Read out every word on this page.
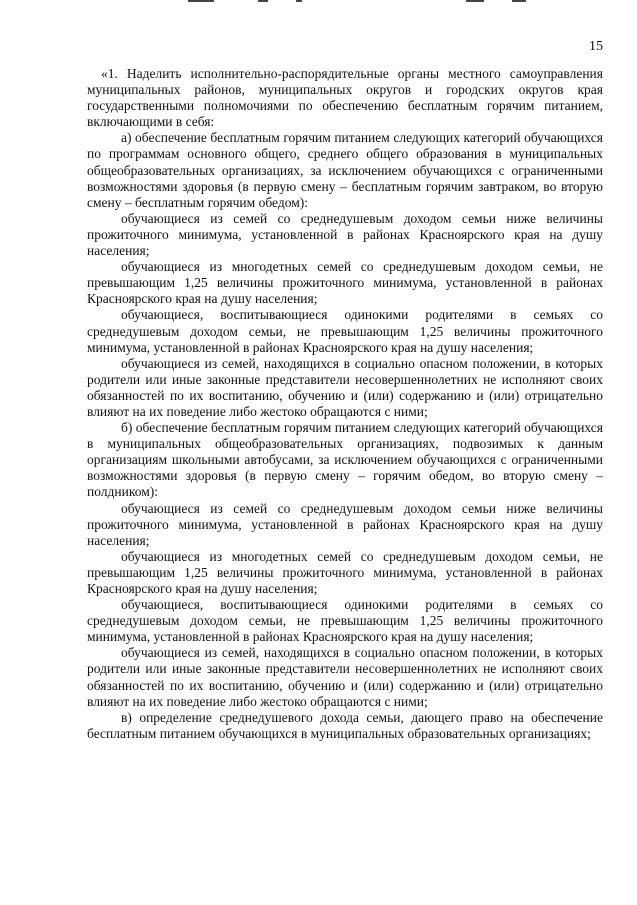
15

«1. Наделить исполнительно-распорядительные органы местного самоуправления муниципальных районов, муниципальных округов и городских округов края государственными полномочиями по обеспечению бесплатным горячим питанием, включающими в себя:

а) обеспечение бесплатным горячим питанием следующих категорий обучающихся по программам основного общего, среднего общего образования в муниципальных общеобразовательных организациях, за исключением обучающихся с ограниченными возможностями здоровья (в первую смену – бесплатным горячим завтраком, во вторую смену – бесплатным горячим обедом):

обучающиеся из семей со среднедушевым доходом семьи ниже величины прожиточного минимума, установленной в районах Красноярского края на душу населения;

обучающиеся из многодетных семей со среднедушевым доходом семьи, не превышающим 1,25 величины прожиточного минимума, установленной в районах Красноярского края на душу населения;

обучающиеся, воспитывающиеся одинокими родителями в семьях со среднедушевым доходом семьи, не превышающим 1,25 величины прожиточного минимума, установленной в районах Красноярского края на душу населения;

обучающиеся из семей, находящихся в социально опасном положении, в которых родители или иные законные представители несовершеннолетних не исполняют своих обязанностей по их воспитанию, обучению и (или) содержанию и (или) отрицательно влияют на их поведение либо жестоко обращаются с ними;

б) обеспечение бесплатным горячим питанием следующих категорий обучающихся в муниципальных общеобразовательных организациях, подвозимых к данным организациям школьными автобусами, за исключением обучающихся с ограниченными возможностями здоровья (в первую смену – горячим обедом, во вторую смену – полдником):

обучающиеся из семей со среднедушевым доходом семьи ниже величины прожиточного минимума, установленной в районах Красноярского края на душу населения;

обучающиеся из многодетных семей со среднедушевым доходом семьи, не превышающим 1,25 величины прожиточного минимума, установленной в районах Красноярского края на душу населения;

обучающиеся, воспитывающиеся одинокими родителями в семьях со среднедушевым доходом семьи, не превышающим 1,25 величины прожиточного минимума, установленной в районах Красноярского края на душу населения;

обучающиеся из семей, находящихся в социально опасном положении, в которых родители или иные законные представители несовершеннолетних не исполняют своих обязанностей по их воспитанию, обучению и (или) содержанию и (или) отрицательно влияют на их поведение либо жестоко обращаются с ними;

в) определение среднедушевого дохода семьи, дающего право на обеспечение бесплатным питанием обучающихся в муниципальных образовательных организациях;
